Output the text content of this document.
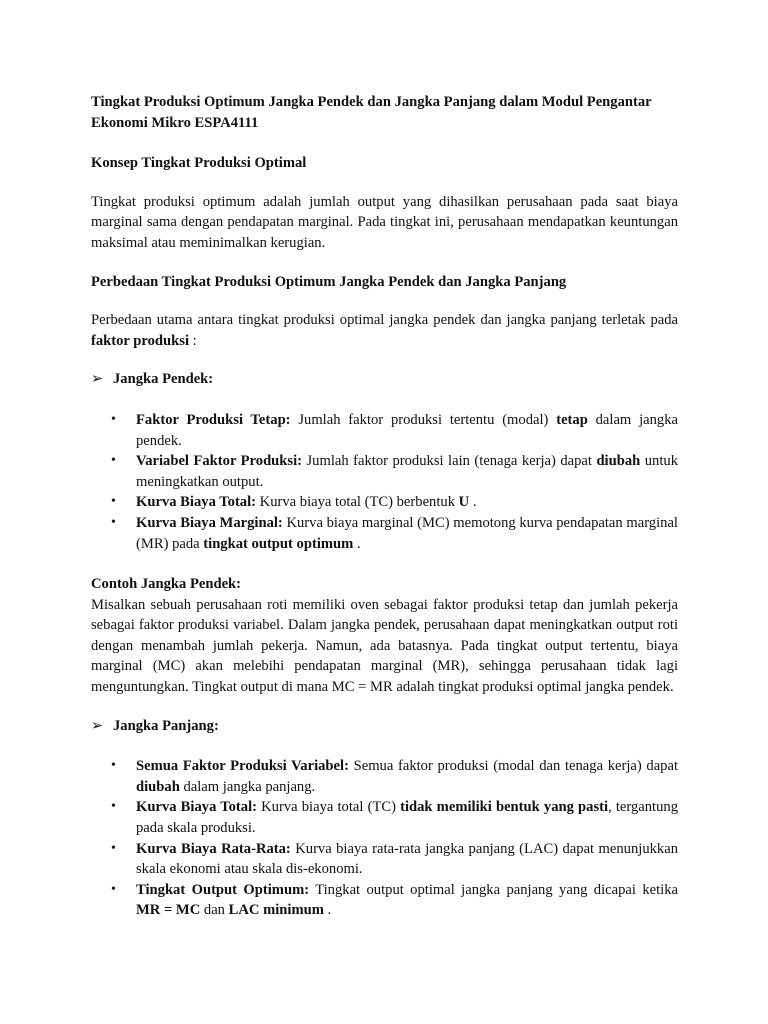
Tingkat Produksi Optimum Jangka Pendek dan Jangka Panjang dalam Modul Pengantar Ekonomi Mikro ESPA4111

Konsep Tingkat Produksi Optimal

Tingkat produksi optimum adalah jumlah output yang dihasilkan perusahaan pada saat biaya marginal sama dengan pendapatan marginal. Pada tingkat ini, perusahaan mendapatkan keuntungan maksimal atau meminimalkan kerugian.

Perbedaan Tingkat Produksi Optimum Jangka Pendek dan Jangka Panjang

Perbedaan utama antara tingkat produksi optimal jangka pendek dan jangka panjang terletak pada faktor produksi :

➢ Jangka Pendek:
• Faktor Produksi Tetap: Jumlah faktor produksi tertentu (modal) tetap dalam jangka pendek.
• Variabel Faktor Produksi: Jumlah faktor produksi lain (tenaga kerja) dapat diubah untuk meningkatkan output.
• Kurva Biaya Total: Kurva biaya total (TC) berbentuk U .
• Kurva Biaya Marginal: Kurva biaya marginal (MC) memotong kurva pendapatan marginal (MR) pada tingkat output optimum .

Contoh Jangka Pendek:

Misalkan sebuah perusahaan roti memiliki oven sebagai faktor produksi tetap dan jumlah pekerja sebagai faktor produksi variabel. Dalam jangka pendek, perusahaan dapat meningkatkan output roti dengan menambah jumlah pekerja. Namun, ada batasnya. Pada tingkat output tertentu, biaya marginal (MC) akan melebihi pendapatan marginal (MR), sehingga perusahaan tidak lagi menguntungkan. Tingkat output di mana MC = MR adalah tingkat produksi optimal jangka pendek.

➢ Jangka Panjang:
• Semua Faktor Produksi Variabel: Semua faktor produksi (modal dan tenaga kerja) dapat diubah dalam jangka panjang.
• Kurva Biaya Total: Kurva biaya total (TC) tidak memiliki bentuk yang pasti, tergantung pada skala produksi.
• Kurva Biaya Rata-Rata: Kurva biaya rata-rata jangka panjang (LAC) dapat menunjukkan skala ekonomi atau skala dis-ekonomi.
• Tingkat Output Optimum: Tingkat output optimal jangka panjang yang dicapai ketika MR = MC dan LAC minimum .
